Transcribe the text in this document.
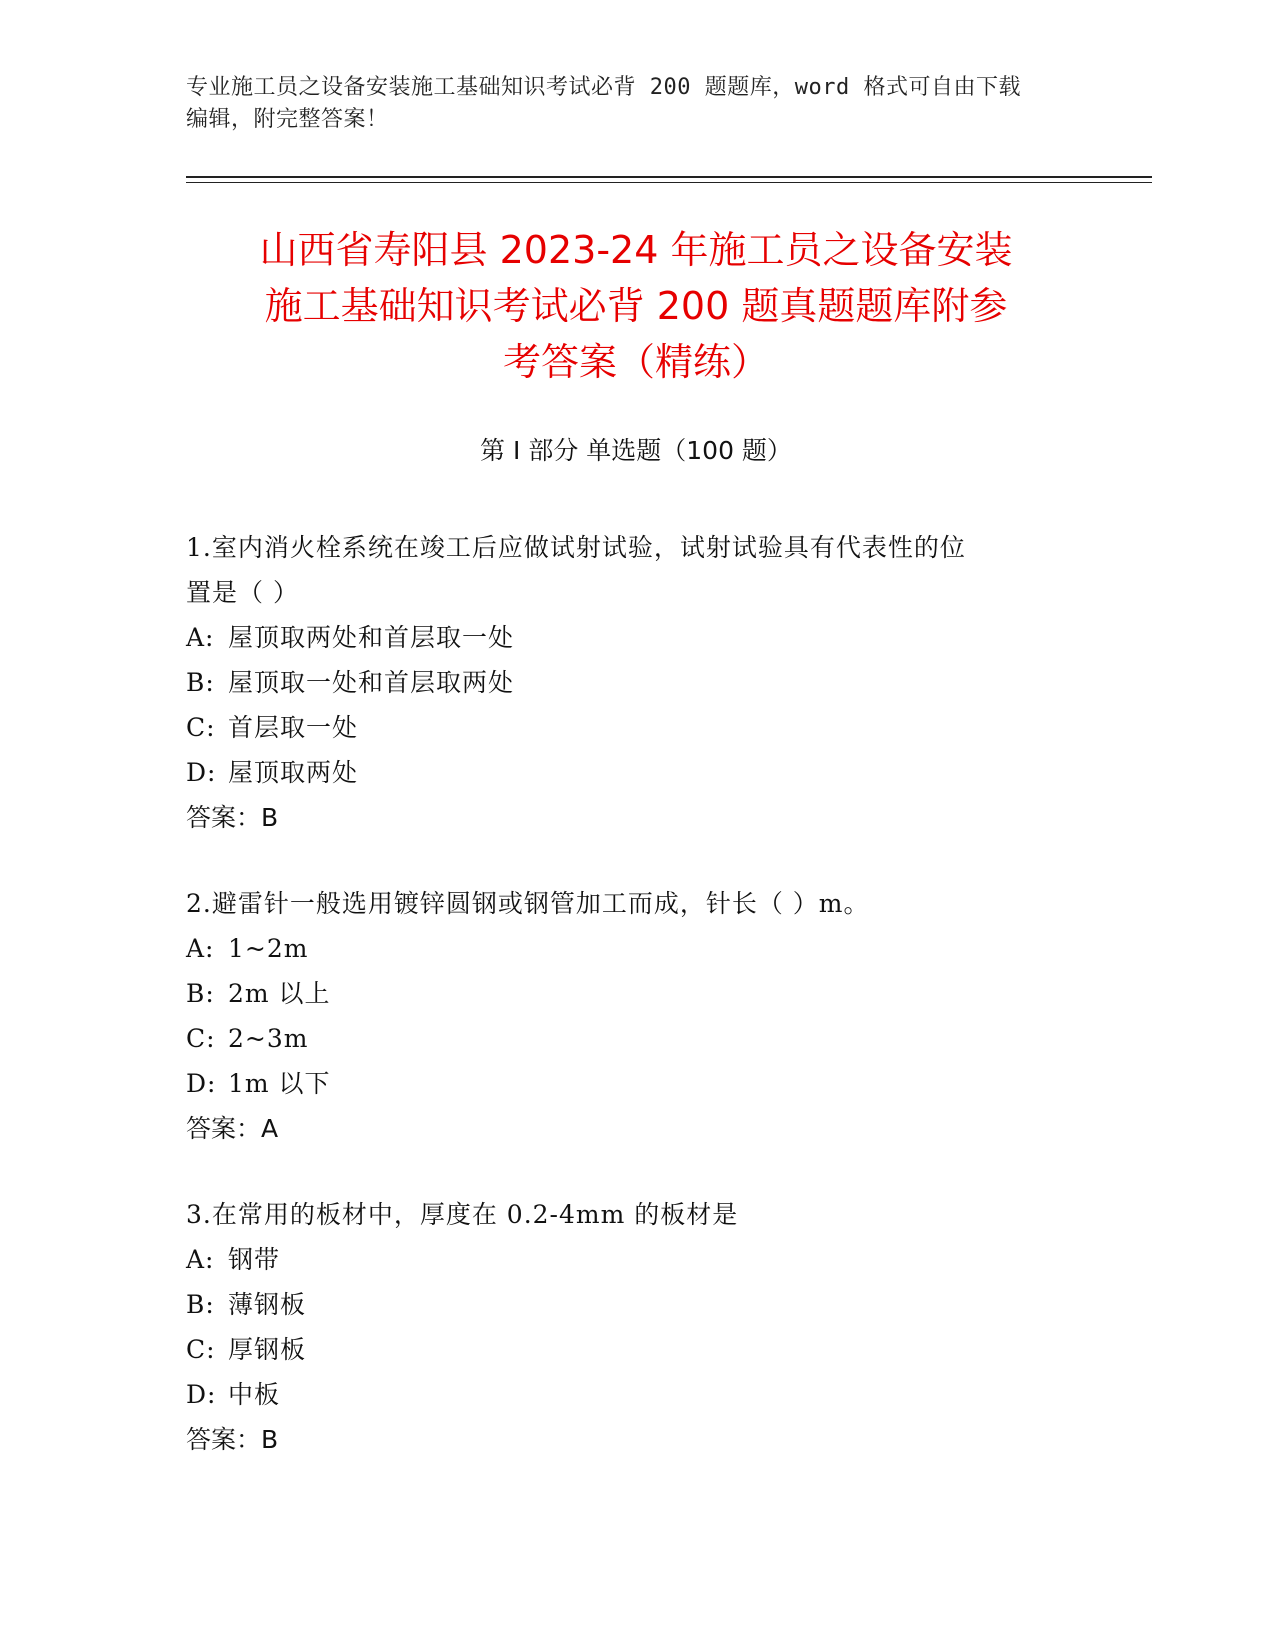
专业施工员之设备安装施工基础知识考试必背 200 题题库，word 格式可自由下载
编辑，附完整答案！
山西省寿阳县 2023-24 年施工员之设备安装
施工基础知识考试必背 200 题真题题库附参
考答案（精练）
第 I 部分 单选题（100 题）
1.室内消火栓系统在竣工后应做试射试验，试射试验具有代表性的位
置是（ ）
A: 屋顶取两处和首层取一处
B: 屋顶取一处和首层取两处
C: 首层取一处
D: 屋顶取两处
答案：B
2.避雷针一般选用镀锌圆钢或钢管加工而成，针长（ ）m。
A: 1~2m
B: 2m 以上
C: 2~3m
D: 1m 以下
答案：A
3.在常用的板材中，厚度在 0.2-4mm 的板材是
A: 钢带
B: 薄钢板
C: 厚钢板
D: 中板
答案：B
